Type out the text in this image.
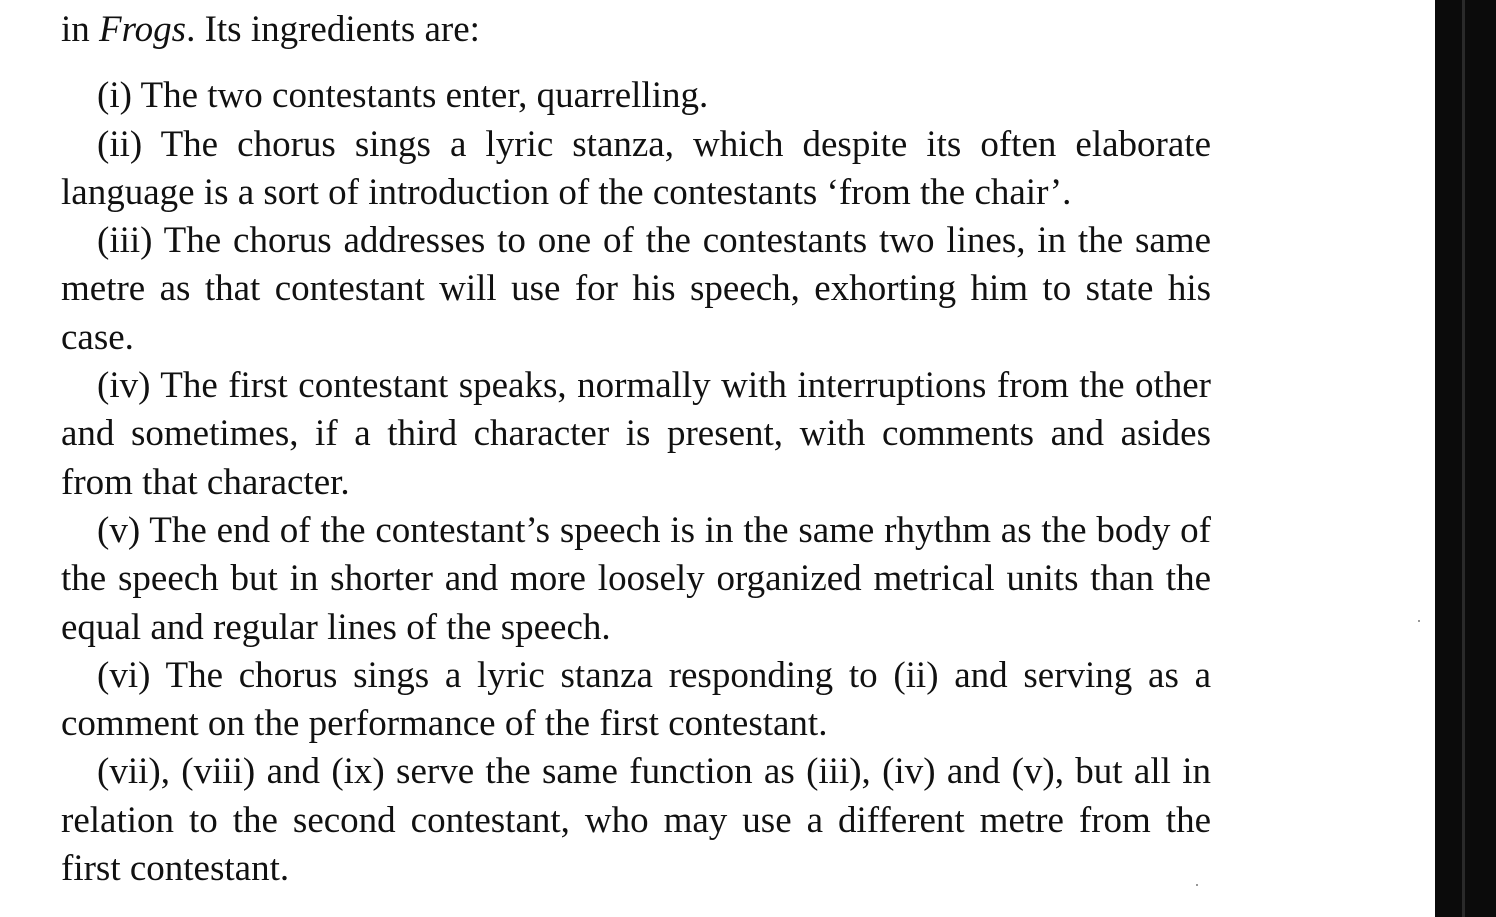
in Frogs. Its ingredients are:

(i) The two contestants enter, quarrelling.

(ii) The chorus sings a lyric stanza, which despite its often elaborate language is a sort of introduction of the contestants ‘from the chair’.

(iii) The chorus addresses to one of the contestants two lines, in the same metre as that contestant will use for his speech, exhorting him to state his case.

(iv) The first contestant speaks, normally with interruptions from the other and sometimes, if a third character is present, with comments and asides from that character.

(v) The end of the contestant’s speech is in the same rhythm as the body of the speech but in shorter and more loosely organized metrical units than the equal and regular lines of the speech.

(vi) The chorus sings a lyric stanza responding to (ii) and serving as a comment on the performance of the first contestant.

(vii), (viii) and (ix) serve the same function as (iii), (iv) and (v), but all in relation to the second contestant, who may use a different metre from the first contestant.
